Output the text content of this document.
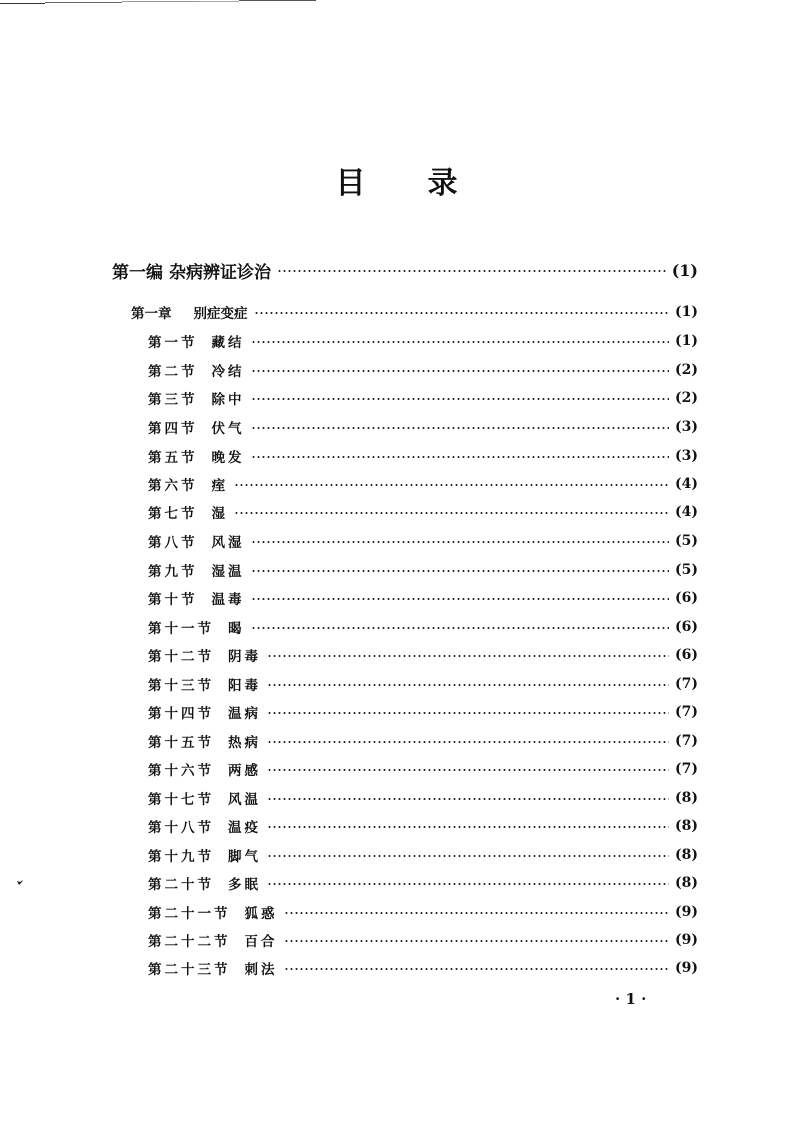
目 录
第一编 杂病辨证诊治	(1)
第一章 别症变症	(1)
第一节 藏结	(1)
第二节 冷结	(2)
第三节 除中	(2)
第四节 伏气	(3)
第五节 晚发	(3)
第六节 痓	(4)
第七节 湿	(4)
第八节 风湿	(5)
第九节 湿温	(5)
第十节 温毒	(6)
第十一节 暍	(6)
第十二节 阴毒	(6)
第十三节 阳毒	(7)
第十四节 温病	(7)
第十五节 热病	(7)
第十六节 两感	(7)
第十七节 风温	(8)
第十八节 温疫	(8)
第十九节 脚气	(8)
第二十节 多眠	(8)
第二十一节 狐惑	(9)
第二十二节 百合	(9)
第二十三节 刺法	(9)
· 1 ·
